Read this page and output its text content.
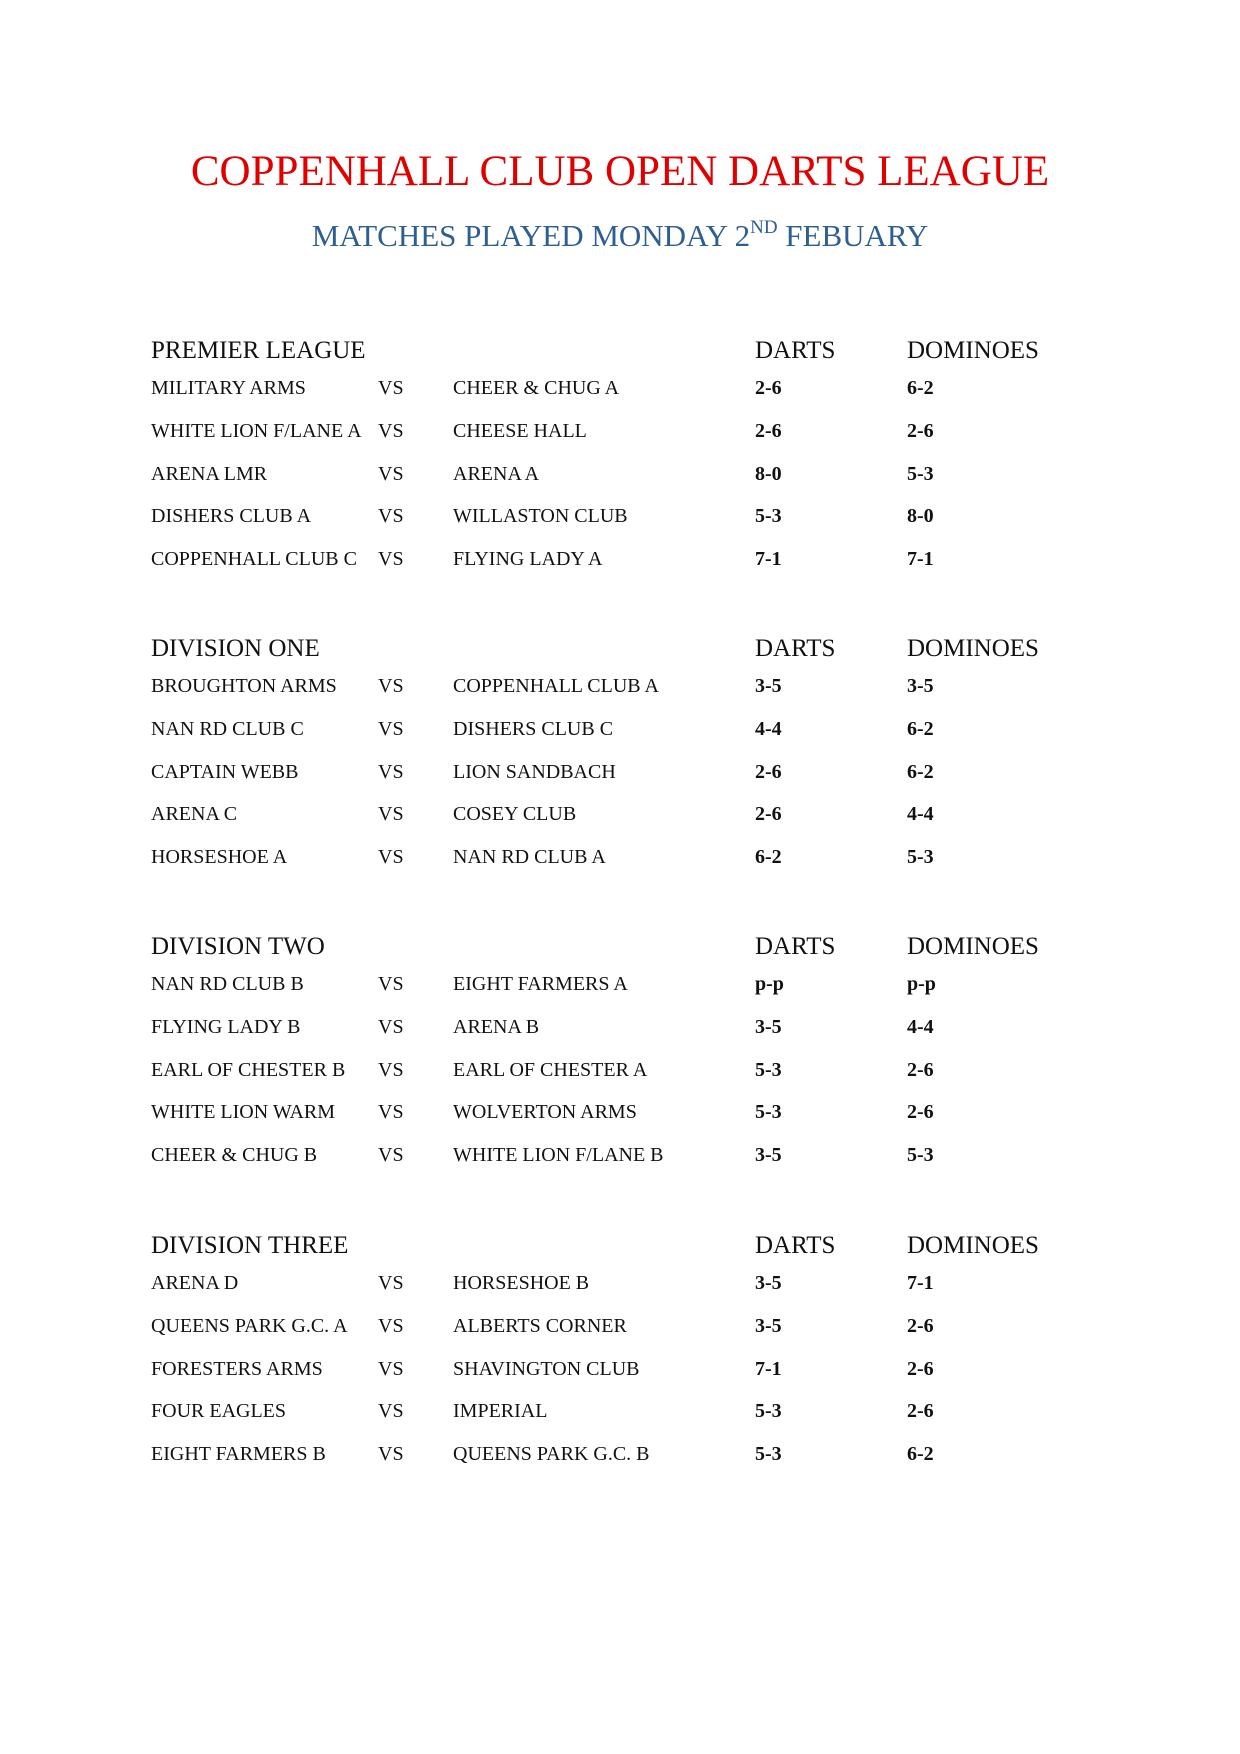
COPPENHALL CLUB OPEN DARTS LEAGUE
MATCHES PLAYED MONDAY 2ND FEBUARY
PREMIER LEAGUE	DARTS	DOMINOES
MILITARY ARMS	VS CHEER & CHUG A	2-6	6-2
WHITE LION F/LANE A VS CHEESE HALL	2-6	2-6
ARENA LMR	VS ARENA A	8-0	5-3
DISHERS CLUB A	VS WILLASTON CLUB	5-3	8-0
COPPENHALL CLUB C VS FLYING LADY A	7-1	7-1
DIVISION ONE	DARTS	DOMINOES
BROUGHTON ARMS VS COPPENHALL CLUB A	3-5	3-5
NAN RD CLUB C	VS DISHERS CLUB C	4-4	6-2
CAPTAIN WEBB	VS LION SANDBACH	2-6	6-2
ARENA C	VS COSEY CLUB	2-6	4-4
HORSESHOE A	VS NAN RD CLUB A	6-2	5-3
DIVISION TWO	DARTS	DOMINOES
NAN RD CLUB B	VS EIGHT FARMERS A	p-p	p-p
FLYING LADY B	VS ARENA B	3-5	4-4
EARL OF CHESTER B VS EARL OF CHESTER A	5-3	2-6
WHITE LION WARM VS WOLVERTON ARMS	5-3	2-6
CHEER & CHUG B	VS WHITE LION F/LANE B	3-5	5-3
DIVISION THREE	DARTS	DOMINOES
ARENA D	VS HORSESHOE B	3-5	7-1
QUEENS PARK G.C. A VS ALBERTS CORNER	3-5	2-6
FORESTERS ARMS	VS SHAVINGTON CLUB	7-1	2-6
FOUR EAGLES	VS IMPERIAL	5-3	2-6
EIGHT FARMERS B	VS QUEENS PARK G.C. B	5-3	6-2
